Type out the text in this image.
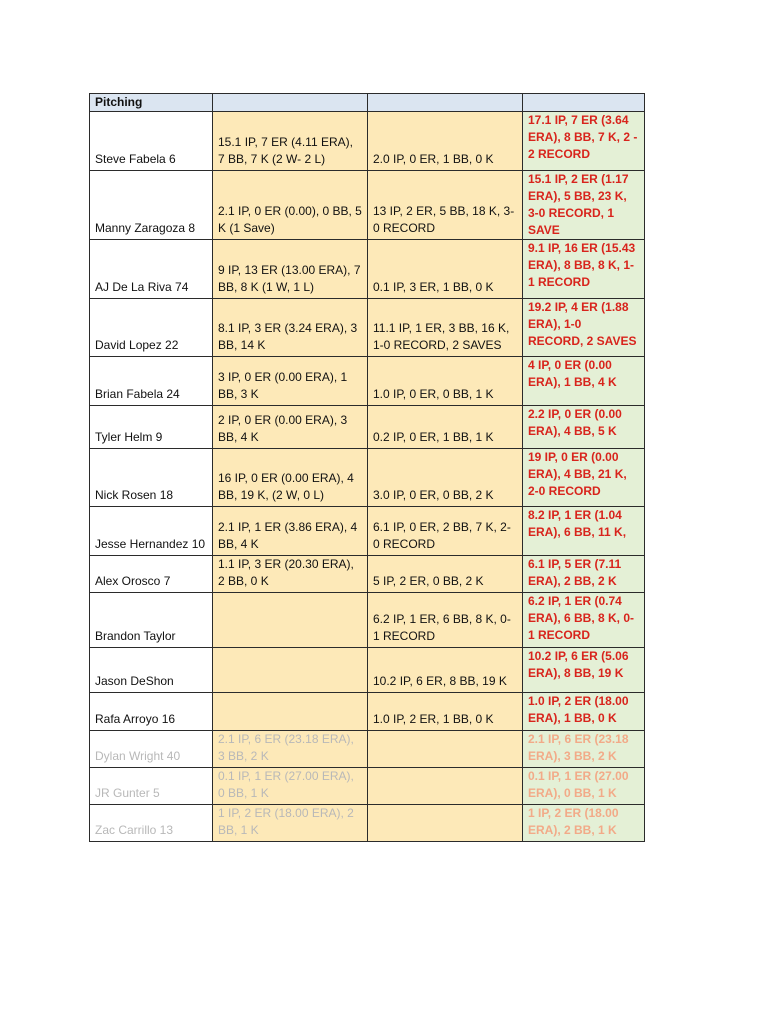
Pitching			
Steve Fabela 6	15.1 IP, 7 ER (4.11 ERA), 7 BB, 7 K (2 W- 2 L)	2.0 IP, 0 ER, 1 BB, 0 K	17.1 IP, 7 ER (3.64 ERA), 8 BB, 7 K, 2 - 2 RECORD
Manny Zaragoza 8	2.1 IP, 0 ER (0.00), 0 BB, 5 K (1 Save)	13 IP, 2 ER, 5 BB, 18 K, 3-0 RECORD	15.1 IP, 2 ER (1.17 ERA), 5 BB, 23 K, 3-0 RECORD, 1 SAVE
AJ De La Riva 74	9 IP, 13 ER (13.00 ERA), 7 BB, 8 K (1 W, 1 L)	0.1 IP, 3 ER, 1 BB, 0 K	9.1 IP, 16 ER (15.43 ERA), 8 BB, 8 K, 1-1 RECORD
David Lopez 22	8.1 IP, 3 ER (3.24 ERA), 3 BB, 14 K	11.1 IP, 1 ER, 3 BB, 16 K, 1-0 RECORD, 2 SAVES	19.2 IP, 4 ER (1.88 ERA), 1-0 RECORD, 2 SAVES
Brian Fabela 24	3 IP, 0 ER (0.00 ERA), 1 BB, 3 K	1.0 IP, 0 ER, 0 BB, 1 K	4 IP, 0 ER (0.00 ERA), 1 BB, 4 K
Tyler Helm 9	2 IP, 0 ER (0.00 ERA), 3 BB, 4 K	0.2 IP, 0 ER, 1 BB, 1 K	2.2 IP, 0 ER (0.00 ERA), 4 BB, 5 K
Nick Rosen 18	16 IP, 0 ER (0.00 ERA), 4 BB, 19 K, (2 W, 0 L)	3.0 IP, 0 ER, 0 BB, 2 K	19 IP, 0 ER (0.00 ERA), 4 BB, 21 K, 2-0 RECORD
Jesse Hernandez 10	2.1 IP, 1 ER (3.86 ERA), 4 BB, 4 K	6.1 IP, 0 ER, 2 BB, 7 K, 2-0 RECORD	8.2 IP, 1 ER (1.04 ERA), 6 BB, 11 K,
Alex Orosco 7	1.1 IP, 3 ER (20.30 ERA), 2 BB, 0 K	5 IP, 2 ER, 0 BB, 2 K	6.1 IP, 5 ER (7.11 ERA), 2 BB, 2 K
Brandon Taylor		6.2 IP, 1 ER, 6 BB, 8 K, 0-1 RECORD	6.2 IP, 1 ER (0.74 ERA), 6 BB, 8 K, 0-1 RECORD
Jason DeShon		10.2 IP, 6 ER, 8 BB, 19 K	10.2 IP, 6 ER (5.06 ERA), 8 BB, 19 K
Rafa Arroyo 16		1.0 IP, 2 ER, 1 BB, 0 K	1.0 IP, 2 ER (18.00 ERA), 1 BB, 0 K
Dylan Wright 40	2.1 IP, 6 ER (23.18 ERA), 3 BB, 2 K		2.1 IP, 6 ER (23.18 ERA), 3 BB, 2 K
JR Gunter 5	0.1 IP, 1 ER (27.00 ERA), 0 BB, 1 K		0.1 IP, 1 ER (27.00 ERA), 0 BB, 1 K
Zac Carrillo 13	1 IP, 2 ER (18.00 ERA), 2 BB, 1 K		1 IP, 2 ER (18.00 ERA), 2 BB, 1 K
